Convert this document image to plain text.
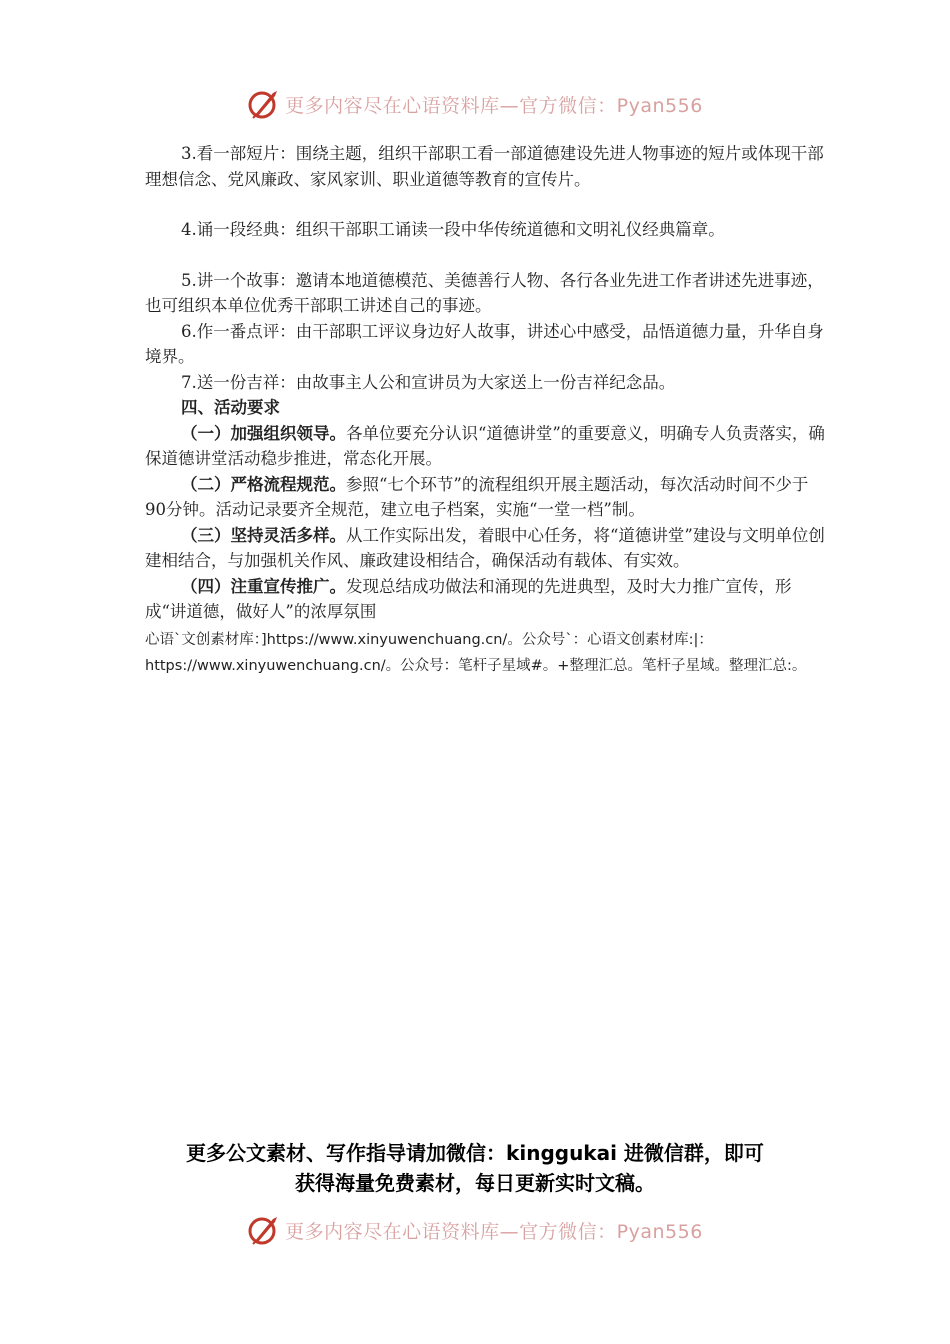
更多内容尽在心语资料库—官方微信：Pyan556

3.看一部短片：围绕主题，组织干部职工看一部道德建设先进人物事迹的短片或体现干部理想信念、党风廉政、家风家训、职业道德等教育的宣传片。

4.诵一段经典：组织干部职工诵读一段中华传统道德和文明礼仪经典篇章。

5.讲一个故事：邀请本地道德模范、美德善行人物、各行各业先进工作者讲述先进事迹，也可组织本单位优秀干部职工讲述自己的事迹。

6.作一番点评：由干部职工评议身边好人故事，讲述心中感受，品悟道德力量，升华自身境界。

7.送一份吉祥：由故事主人公和宣讲员为大家送上一份吉祥纪念品。

四、活动要求

（一）加强组织领导。各单位要充分认识“道德讲堂”的重要意义，明确专人负责落实，确保道德讲堂活动稳步推进，常态化开展。

（二）严格流程规范。参照“七个环节”的流程组织开展主题活动，每次活动时间不少于90分钟。活动记录要齐全规范，建立电子档案，实施“一堂一档”制。

（三）坚持灵活多样。从工作实际出发，着眼中心任务，将“道德讲堂”建设与文明单位创建相结合，与加强机关作风、廉政建设相结合，确保活动有载体、有实效。

（四）注重宣传推广。发现总结成功做法和涌现的先进典型，及时大力推广宣传，形成“讲道德，做好人”的浓厚氛围

心语`文创素材库：]https://www.xinyuwenchuang.cn/。公众号`：心语文创素材库:|：https://www.xinyuwenchuang.cn/。公众号：笔杆子星域#。+整理汇总。笔杆子星域。整理汇总:。

更多公文素材、写作指导请加微信：kinggukai 进微信群，即可
获得海量免费素材，每日更新实时文稿。
更多内容尽在心语资料库—官方微信：Pyan556
